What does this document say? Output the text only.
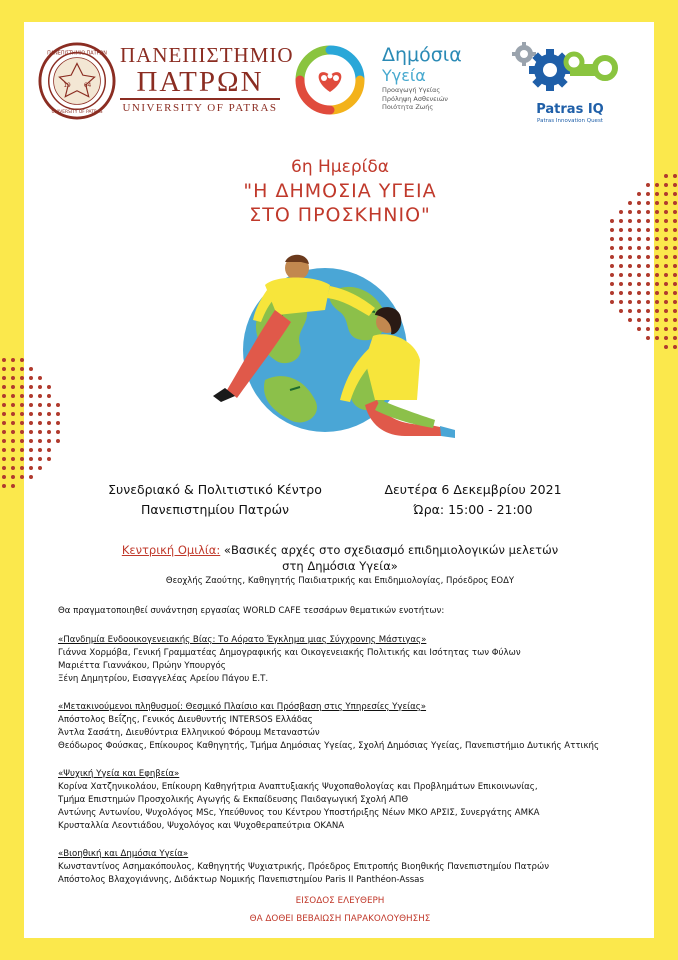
19 64
ΠΑΝΕΠΙΣΤΗΜΙΟ ΠΑΤΡΩΝ
UNIVERSITY OF PATRAS
ΠΑΝΕΠΙΣΤΗΜΙΟ
ΠΑΤΡΩΝ
UNIVERSITY OF PATRAS
Δημόσια
Υγεία
Προαγωγή Υγείας
Πρόληψη Ασθενειών
Ποιότητα Ζωής	Patras IQ
Patras Innovation Quest
6η Ημερίδα
"Η ΔΗΜΟΣΙΑ ΥΓΕΙΑ
ΣΤΟ ΠΡΟΣΚΗΝΙΟ"
Συνεδριακό & Πολιτιστικό Κέντρο
Πανεπιστημίου Πατρών
Δευτέρα 6 Δεκεμβρίου 2021
Ώρα: 15:00 - 21:00
Κεντρική Ομιλία: «Βασικές αρχές στο σχεδιασμό επιδημιολογικών μελετών
στη Δημόσια Υγεία»
Θεοχλής Ζαούτης, Καθηγητής Παιδιατρικής και Επιδημιολογίας, Πρόεδρος ΕΟΔΥ

Θα πραγματοποιηθεί συνάντηση εργασίας WORLD CAFE τεσσάρων θεματικών ενοτήτων:

«Πανδημία Ενδοοικογενειακής Βίας: Το Αόρατο Έγκλημα μιας Σύγχρονης Μάστιγας»

Γιάννα Χορμόβα, Γενική Γραμματέας Δημογραφικής και Οικογενειακής Πολιτικής και Ισότητας των Φύλων

Μαριέττα Γιαννάκου, Πρώην Υπουργός

Ξένη Δημητρίου, Εισαγγελέας Αρείου Πάγου Ε.Τ.

«Μετακινούμενοι πληθυσμοί: Θεσμικό Πλαίσιο και Πρόσβαση στις Υπηρεσίες Υγείας»

Απόστολος Βεΐζης, Γενικός Διευθυντής INTERSOS Ελλάδας

Άντλα Σασάτη, Διευθύντρια Ελληνικού Φόρουμ Μεταναστών

Θεόδωρος Φούσκας, Επίκουρος Καθηγητής, Τμήμα Δημόσιας Υγείας, Σχολή Δημόσιας Υγείας, Πανεπιστήμιο Δυτικής Αττικής

«Ψυχική Υγεία και Εφηβεία»

Κορίνα Χατζηνικολάου, Επίκουρη Καθηγήτρια Αναπτυξιακής Ψυχοπαθολογίας και Προβλημάτων Επικοινωνίας,

Τμήμα Επιστημών Προσχολικής Αγωγής & Εκπαίδευσης Παιδαγωγική Σχολή ΑΠΘ

Αντώνης Αντωνίου, Ψυχολόγος MSc, Υπεύθυνος του Κέντρου Υποστήριξης Νέων ΜΚΟ ΑΡΣΙΣ, Συνεργάτης ΑΜΚΑ

Κρυσταλλία Λεοντιάδου, Ψυχολόγος και Ψυχοθεραπεύτρια ΟΚΑΝΑ

«Βιοηθική και Δημόσια Υγεία»

Κωνσταντίνος Ασημακόπουλος, Καθηγητής Ψυχιατρικής, Πρόεδρος Επιτροπής Βιοηθικής Πανεπιστημίου Πατρών

Απόστολος Βλαχογιάννης, Διδάκτωρ Νομικής Πανεπιστημίου Paris II Panthéon-Assas

ΕΙΣΟΔΟΣ ΕΛΕΥΘΕΡΗ
ΘΑ ΔΟΘΕΙ ΒΕΒΑΙΩΣΗ ΠΑΡΑΚΟΛΟΥΘΗΣΗΣ
